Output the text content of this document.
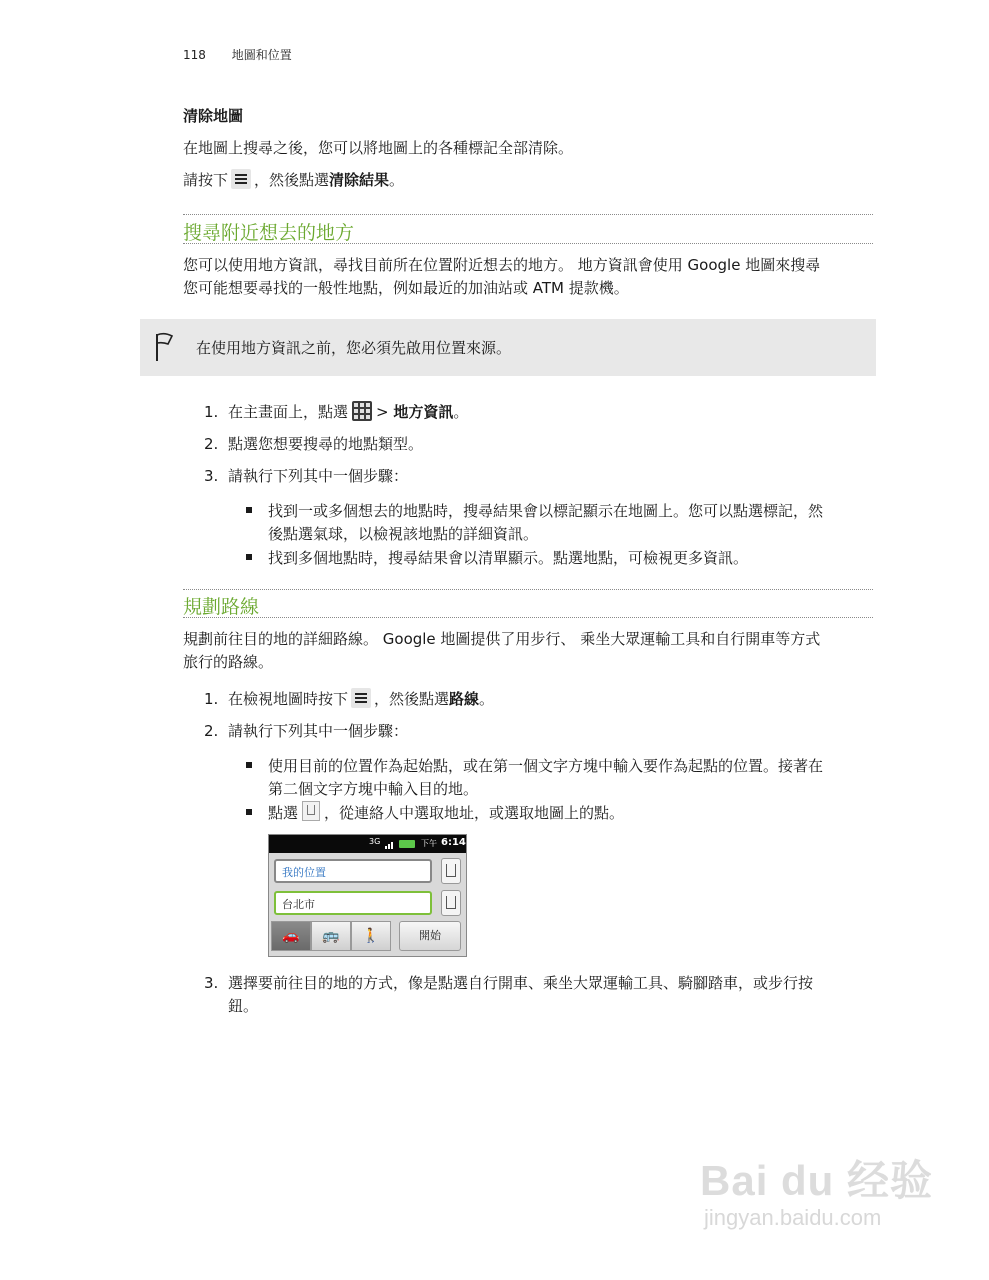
118 地圖和位置
清除地圖
在地圖上搜尋之後，您可以將地圖上的各種標記全部清除。
請按下 ，然後點選清除結果。
搜尋附近想去的地方
您可以使用地方資訊，尋找目前所在位置附近想去的地方。 地方資訊會使用 Google 地圖來搜尋
您可能想要尋找的一般性地點，例如最近的加油站或 ATM 提款機。
在使用地方資訊之前，您必須先啟用位置來源。
1. 在主畫面上，點選 > 地方資訊。
2. 點選您想要搜尋的地點類型。
3. 請執行下列其中一個步驟：
找到一或多個想去的地點時，搜尋結果會以標記顯示在地圖上。您可以點選標記，然
後點選氣球，以檢視該地點的詳細資訊。
找到多個地點時，搜尋結果會以清單顯示。點選地點，可檢視更多資訊。
規劃路線
規劃前往目的地的詳細路線。 Google 地圖提供了用步行、 乘坐大眾運輸工具和自行開車等方式
旅行的路線。
1. 在檢視地圖時按下 ，然後點選路線。
2. 請執行下列其中一個步驟：
使用目前的位置作為起始點，或在第一個文字方塊中輸入要作為起點的位置。接著在
第二個文字方塊中輸入目的地。
點選 ，從連絡人中選取地址，或選取地圖上的點。
3G	下午 6:14
我的位置
台北市
🚗	🚌	🚶	開始
3. 選擇要前往目的地的方式，像是點選自行開車、乘坐大眾運輸工具、騎腳踏車，或步行按
鈕。
Bai du 经验
jingyan.baidu.com
